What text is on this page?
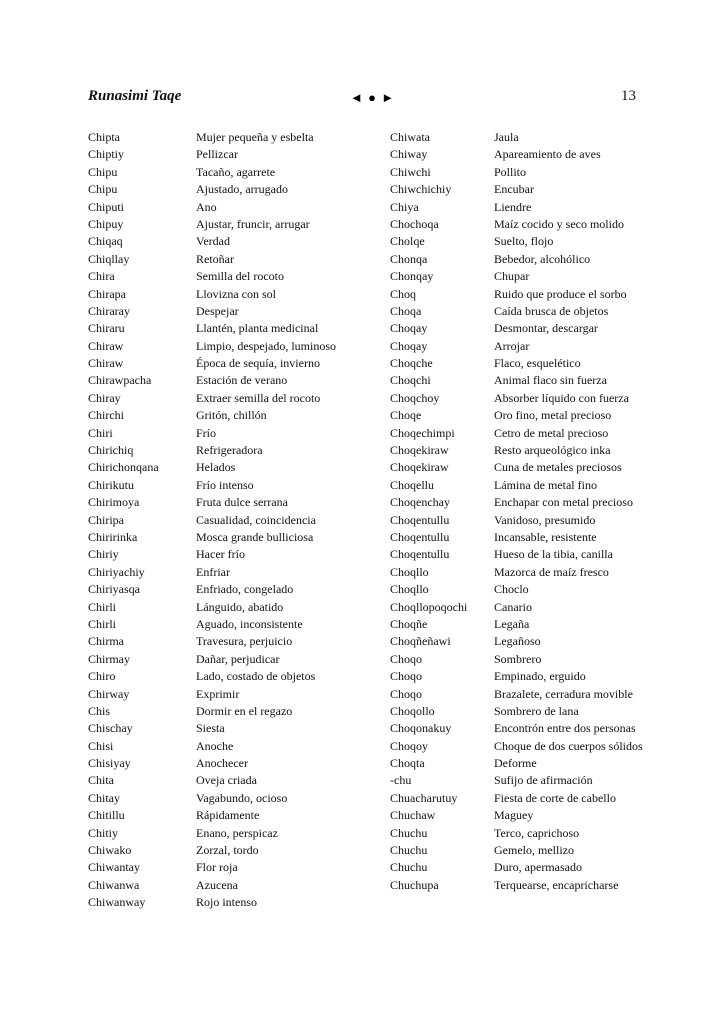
Runasimi Taqe	◄ ● ►	13
Chipta	Mujer pequeña y esbelta
Chiptiy	Pellizcar
Chipu	Tacaño, agarrete
Chipu	Ajustado, arrugado
Chiputi	Ano
Chipuy	Ajustar, fruncir, arrugar
Chiqaq	Verdad
Chiqllay	Retoñar
Chira	Semilla del rocoto
Chirapa	Llovizna con sol
Chiraray	Despejar
Chiraru	Llantén, planta medicinal
Chiraw	Limpio, despejado, luminoso
Chiraw	Época de sequía, invierno
Chirawpacha	Estación de verano
Chiray	Extraer semilla del rocoto
Chirchi	Gritón, chillón
Chiri	Frío
Chirichiq	Refrigeradora
Chirichonqana	Helados
Chirikutu	Frío intenso
Chirimoya	Fruta dulce serrana
Chiripa	Casualidad, coincidencia
Chiririnka	Mosca grande bulliciosa
Chiriy	Hacer frío
Chiriyachiy	Enfriar
Chiriyasqa	Enfriado, congelado
Chirli	Lánguido, abatido
Chirli	Aguado, inconsistente
Chirma	Travesura, perjuicio
Chirmay	Dañar, perjudicar
Chiro	Lado, costado de objetos
Chirway	Exprimir
Chis	Dormir en el regazo
Chischay	Siesta
Chisi	Anoche
Chisiyay	Anochecer
Chita	Oveja criada
Chitay	Vagabundo, ocioso
Chitillu	Rápidamente
Chitiy	Enano, perspicaz
Chiwako	Zorzal, tordo
Chiwantay	Flor roja
Chiwanwa	Azucena
Chiwanway	Rojo intenso
Chiwata	Jaula
Chiway	Apareamiento de aves
Chiwchi	Pollito
Chiwchichiy	Encubar
Chiya	Liendre
Chochoqa	Maíz cocido y seco molido
Cholqe	Suelto, flojo
Chonqa	Bebedor, alcohólico
Chonqay	Chupar
Choq	Ruido que produce el sorbo
Choqa	Caída brusca de objetos
Choqay	Desmontar, descargar
Choqay	Arrojar
Choqche	Flaco, esquelético
Choqchi	Animal flaco sin fuerza
Choqchoy	Absorber líquido con fuerza
Choqe	Oro fino, metal precioso
Choqechimpi	Cetro de metal precioso
Choqekiraw	Resto arqueológico inka
Choqekiraw	Cuna de metales preciosos
Choqellu	Lámina de metal fino
Choqenchay	Enchapar con metal precioso
Choqentullu	Vanidoso, presumido
Choqentullu	Incansable, resistente
Choqentullu	Hueso de la tibia, canilla
Choqllo	Mazorca de maíz fresco
Choqllo	Choclo
Choqllopoqochi	Canario
Choqñe	Legaña
Choqñeñawi	Legañoso
Choqo	Sombrero
Choqo	Empinado, erguido
Choqo	Brazalete, cerradura movible
Choqollo	Sombrero de lana
Choqonakuy	Encontrón entre dos personas
Choqoy	Choque de dos cuerpos sólidos
Choqta	Deforme
-chu	Sufijo de afirmación
Chuacharutuy	Fiesta de corte de cabello
Chuchaw	Maguey
Chuchu	Terco, caprichoso
Chuchu	Gemelo, mellizo
Chuchu	Duro, apermasado
Chuchupa	Terquearse, encapricharse
